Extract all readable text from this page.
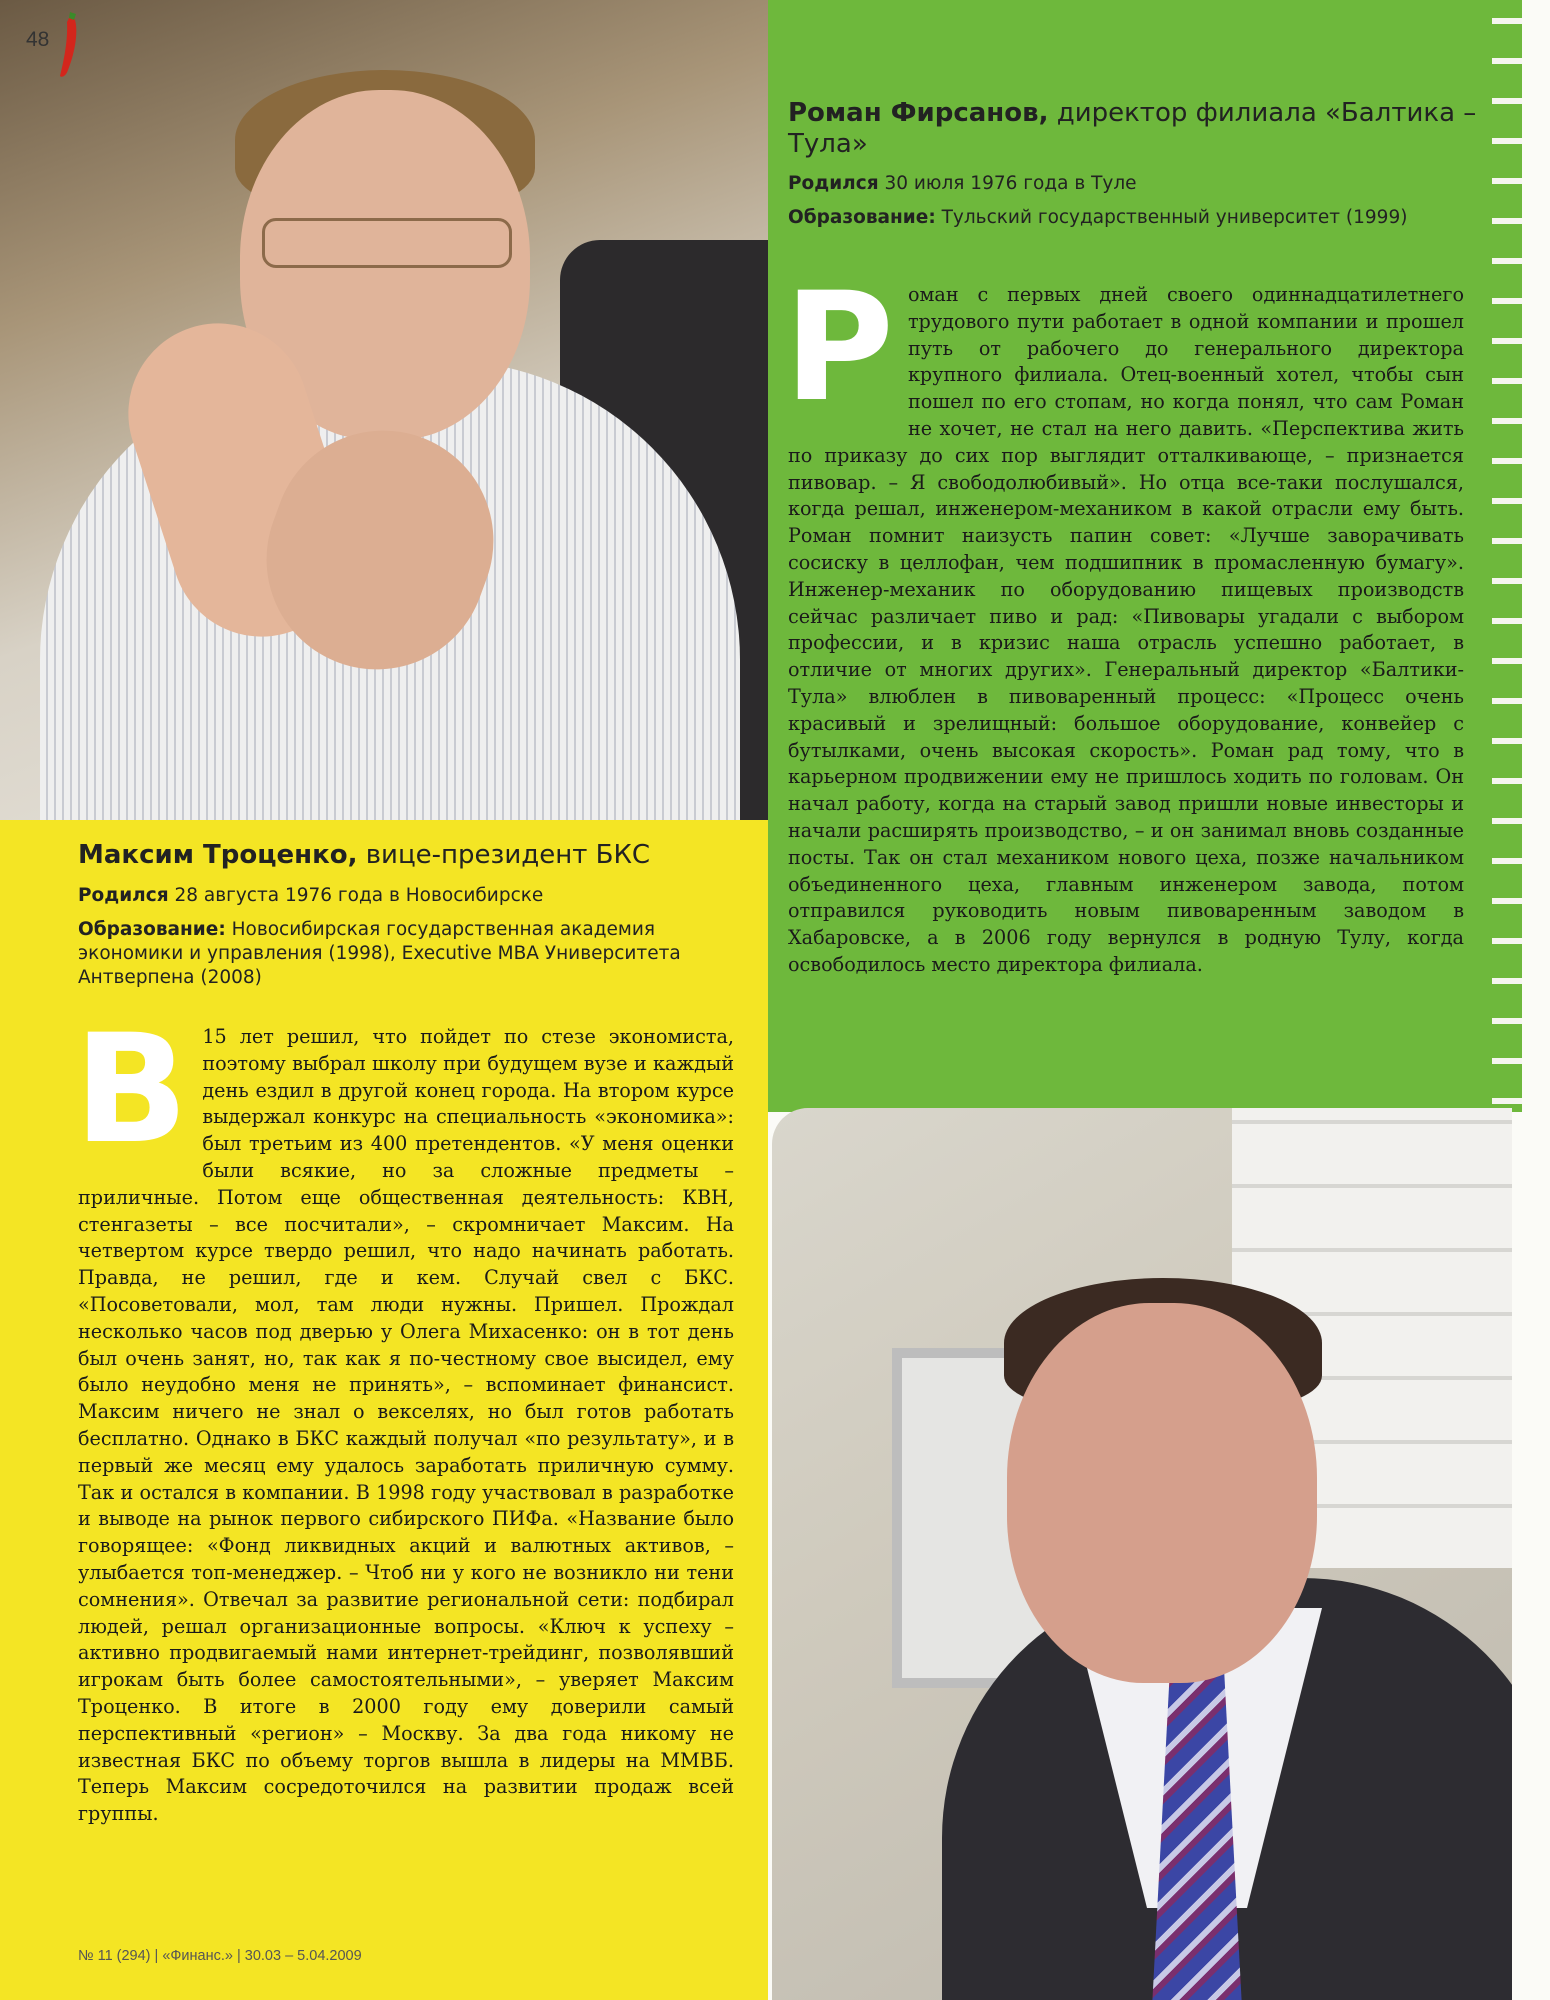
48
Максим Троценко, вице-президент БКС
Родился 28 августа 1976 года в Новосибирске
Образование: Новосибирская государственная академия экономики и управления (1998), Executive MBA Университета Антверпена (2008)
В 15 лет решил, что пойдет по стезе экономиста, поэтому выбрал школу при будущем вузе и каждый день ездил в другой конец города. На втором курсе выдержал конкурс на специальность «экономика»: был третьим из 400 претендентов. «У меня оценки были всякие, но за сложные предметы – приличные. Потом еще общественная деятельность: КВН, стенгазеты – все посчитали», – скромничает Максим. На четвертом курсе твердо решил, что надо начинать работать. Правда, не решил, где и кем. Случай свел с БКС. «Посоветовали, мол, там люди нужны. Пришел. Прождал несколько часов под дверью у Олега Михасенко: он в тот день был очень занят, но, так как я по-честному свое высидел, ему было неудобно меня не принять», – вспоминает финансист. Максим ничего не знал о векселях, но был готов работать бесплатно. Однако в БКС каждый получал «по результату», и в первый же месяц ему удалось заработать приличную сумму. Так и остался в компании. В 1998 году участвовал в разработке и выводе на рынок первого сибирского ПИФа. «Название было говорящее: «Фонд ликвидных акций и валютных активов, – улыбается топ-менеджер. – Чтоб ни у кого не возникло ни тени сомнения». Отвечал за развитие региональной сети: подбирал людей, решал организационные вопросы. «Ключ к успеху – активно продвигаемый нами интернет-трейдинг, позволявший игрокам быть более самостоятельными», – уверяет Максим Троценко. В итоге в 2000 году ему доверили самый перспективный «регион» – Москву. За два года никому не известная БКС по объему торгов вышла в лидеры на ММВБ. Теперь Максим сосредоточился на развитии продаж всей группы.
№ 11 (294) | «Финанс.» | 30.03 – 5.04.2009
Роман Фирсанов, директор филиала «Балтика – Тула»
Родился 30 июля 1976 года в Туле
Образование: Тульский государственный университет (1999)
Роман с первых дней своего одиннадцатилетнего трудового пути работает в одной компании и прошел путь от рабочего до генерального директора крупного филиала. Отец-военный хотел, чтобы сын пошел по его стопам, но когда понял, что сам Роман не хочет, не стал на него давить. «Перспектива жить по приказу до сих пор выглядит отталкивающе, – признается пивовар. – Я свободолюбивый». Но отца все-таки послушался, когда решал, инженером-механиком в какой отрасли ему быть. Роман помнит наизусть папин совет: «Лучше заворачивать сосиску в целлофан, чем подшипник в промасленную бумагу». Инженер-механик по оборудованию пищевых производств сейчас различает пиво и рад: «Пивовары угадали с выбором профессии, и в кризис наша отрасль успешно работает, в отличие от многих других». Генеральный директор «Балтики-Тула» влюблен в пивоваренный процесс: «Процесс очень красивый и зрелищный: большое оборудование, конвейер с бутылками, очень высокая скорость». Роман рад тому, что в карьерном продвижении ему не пришлось ходить по головам. Он начал работу, когда на старый завод пришли новые инвесторы и начали расширять производство, – и он занимал вновь созданные посты. Так он стал механиком нового цеха, позже начальником объединенного цеха, главным инженером завода, потом отправился руководить новым пивоваренным заводом в Хабаровске, а в 2006 году вернулся в родную Тулу, когда освободилось место директора филиала.
